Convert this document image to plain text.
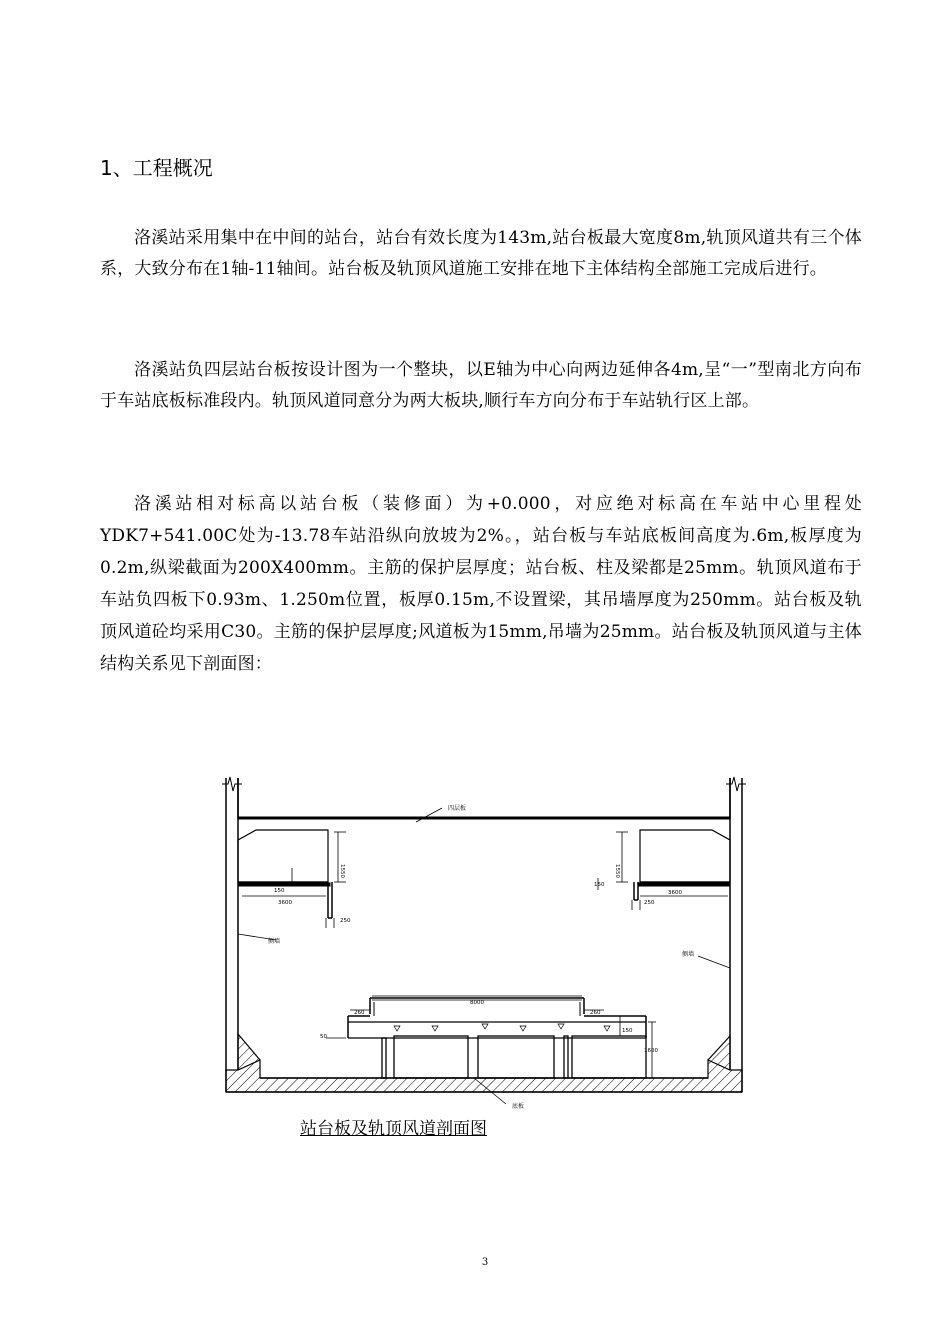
1、工程概况

洛溪站采用集中在中间的站台，站台有效长度为143m,站台板最大宽度8m,轨顶风道共有三个体系，大致分布在1轴-11轴间。站台板及轨顶风道施工安排在地下主体结构全部施工完成后进行。

洛溪站负四层站台板按设计图为一个整块，以E轴为中心向两边延伸各4m,呈“一”型南北方向布于车站底板标准段内。轨顶风道同意分为两大板块,顺行车方向分布于车站轨行区上部。

洛溪站相对标高以站台板（装修面）为+0.000，对应绝对标高在车站中心里程处YDK7+541.00C处为-13.78车站沿纵向放坡为2%。，站台板与车站底板间高度为.6m,板厚度为0.2m,纵梁截面为200X400mm。主筋的保护层厚度；站台板、柱及梁都是25mm。轨顶风道布于车站负四板下0.93m、1.250m位置，板厚0.15m,不设置梁，其吊墙厚度为250mm。站台板及轨顶风道砼均采用C30。主筋的保护层厚度;风道板为15mm,吊墙为25mm。站台板及轨顶风道与主体结构关系见下剖面图：

四层板
侧墙
侧墙
底板
1550	1550
150
150
3600
3600
250
250
8000
260	260
50
150
1600
站台板及轨顶风道剖面图
3
